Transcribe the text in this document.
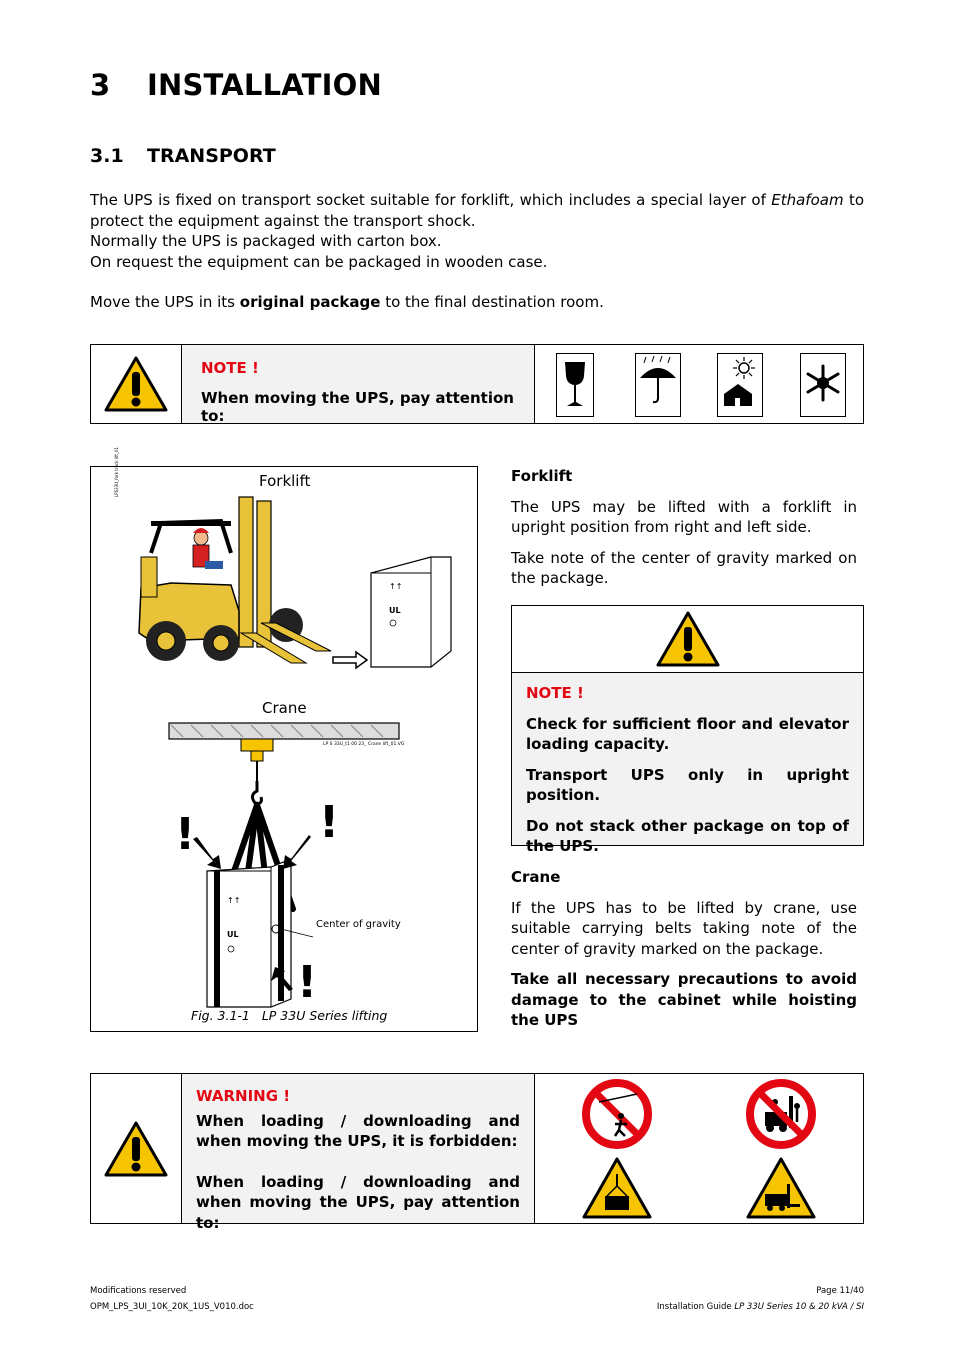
3 INSTALLATION
3.1 TRANSPORT

The UPS is fixed on transport socket suitable for forklift, which includes a special layer of Ethafoam to protect the equipment against the transport shock.

Normally the UPS is packaged with carton box.

On request the equipment can be packaged in wooden case.

Move the UPS in its original package to the final destination room.

NOTE !
When moving the UPS, pay attention to:
Forklift
LPS33U_fork truck lift_01
↑↑
UL
Crane
↑↑
UL
!	!
!
Center of gravity
LP S 33U_t1 00 23_ Crane lift_01.VG
Fig. 3.1-1 LP 33U Series lifting

Forklift

The UPS may be lifted with a forklift in upright position from right and left side.

Take note of the center of gravity marked on the package.

NOTE !

Check for sufficient floor and elevator loading capacity.

Transport UPS only in upright position.

Do not stack other package on top of the UPS.

Crane

If the UPS has to be lifted by crane, use suitable carrying belts taking note of the center of gravity marked on the package.

Take all necessary precautions to avoid damage to the cabinet while hoisting the UPS

WARNING !

When loading / downloading and when moving the UPS, it is forbidden:

When loading / downloading and when moving the UPS, pay attention to:

Modifications reserved
OPM_LPS_3UI_10K_20K_1US_V010.doc
Page 11/40
Installation Guide LP 33U Series 10 & 20 kVA / SI
